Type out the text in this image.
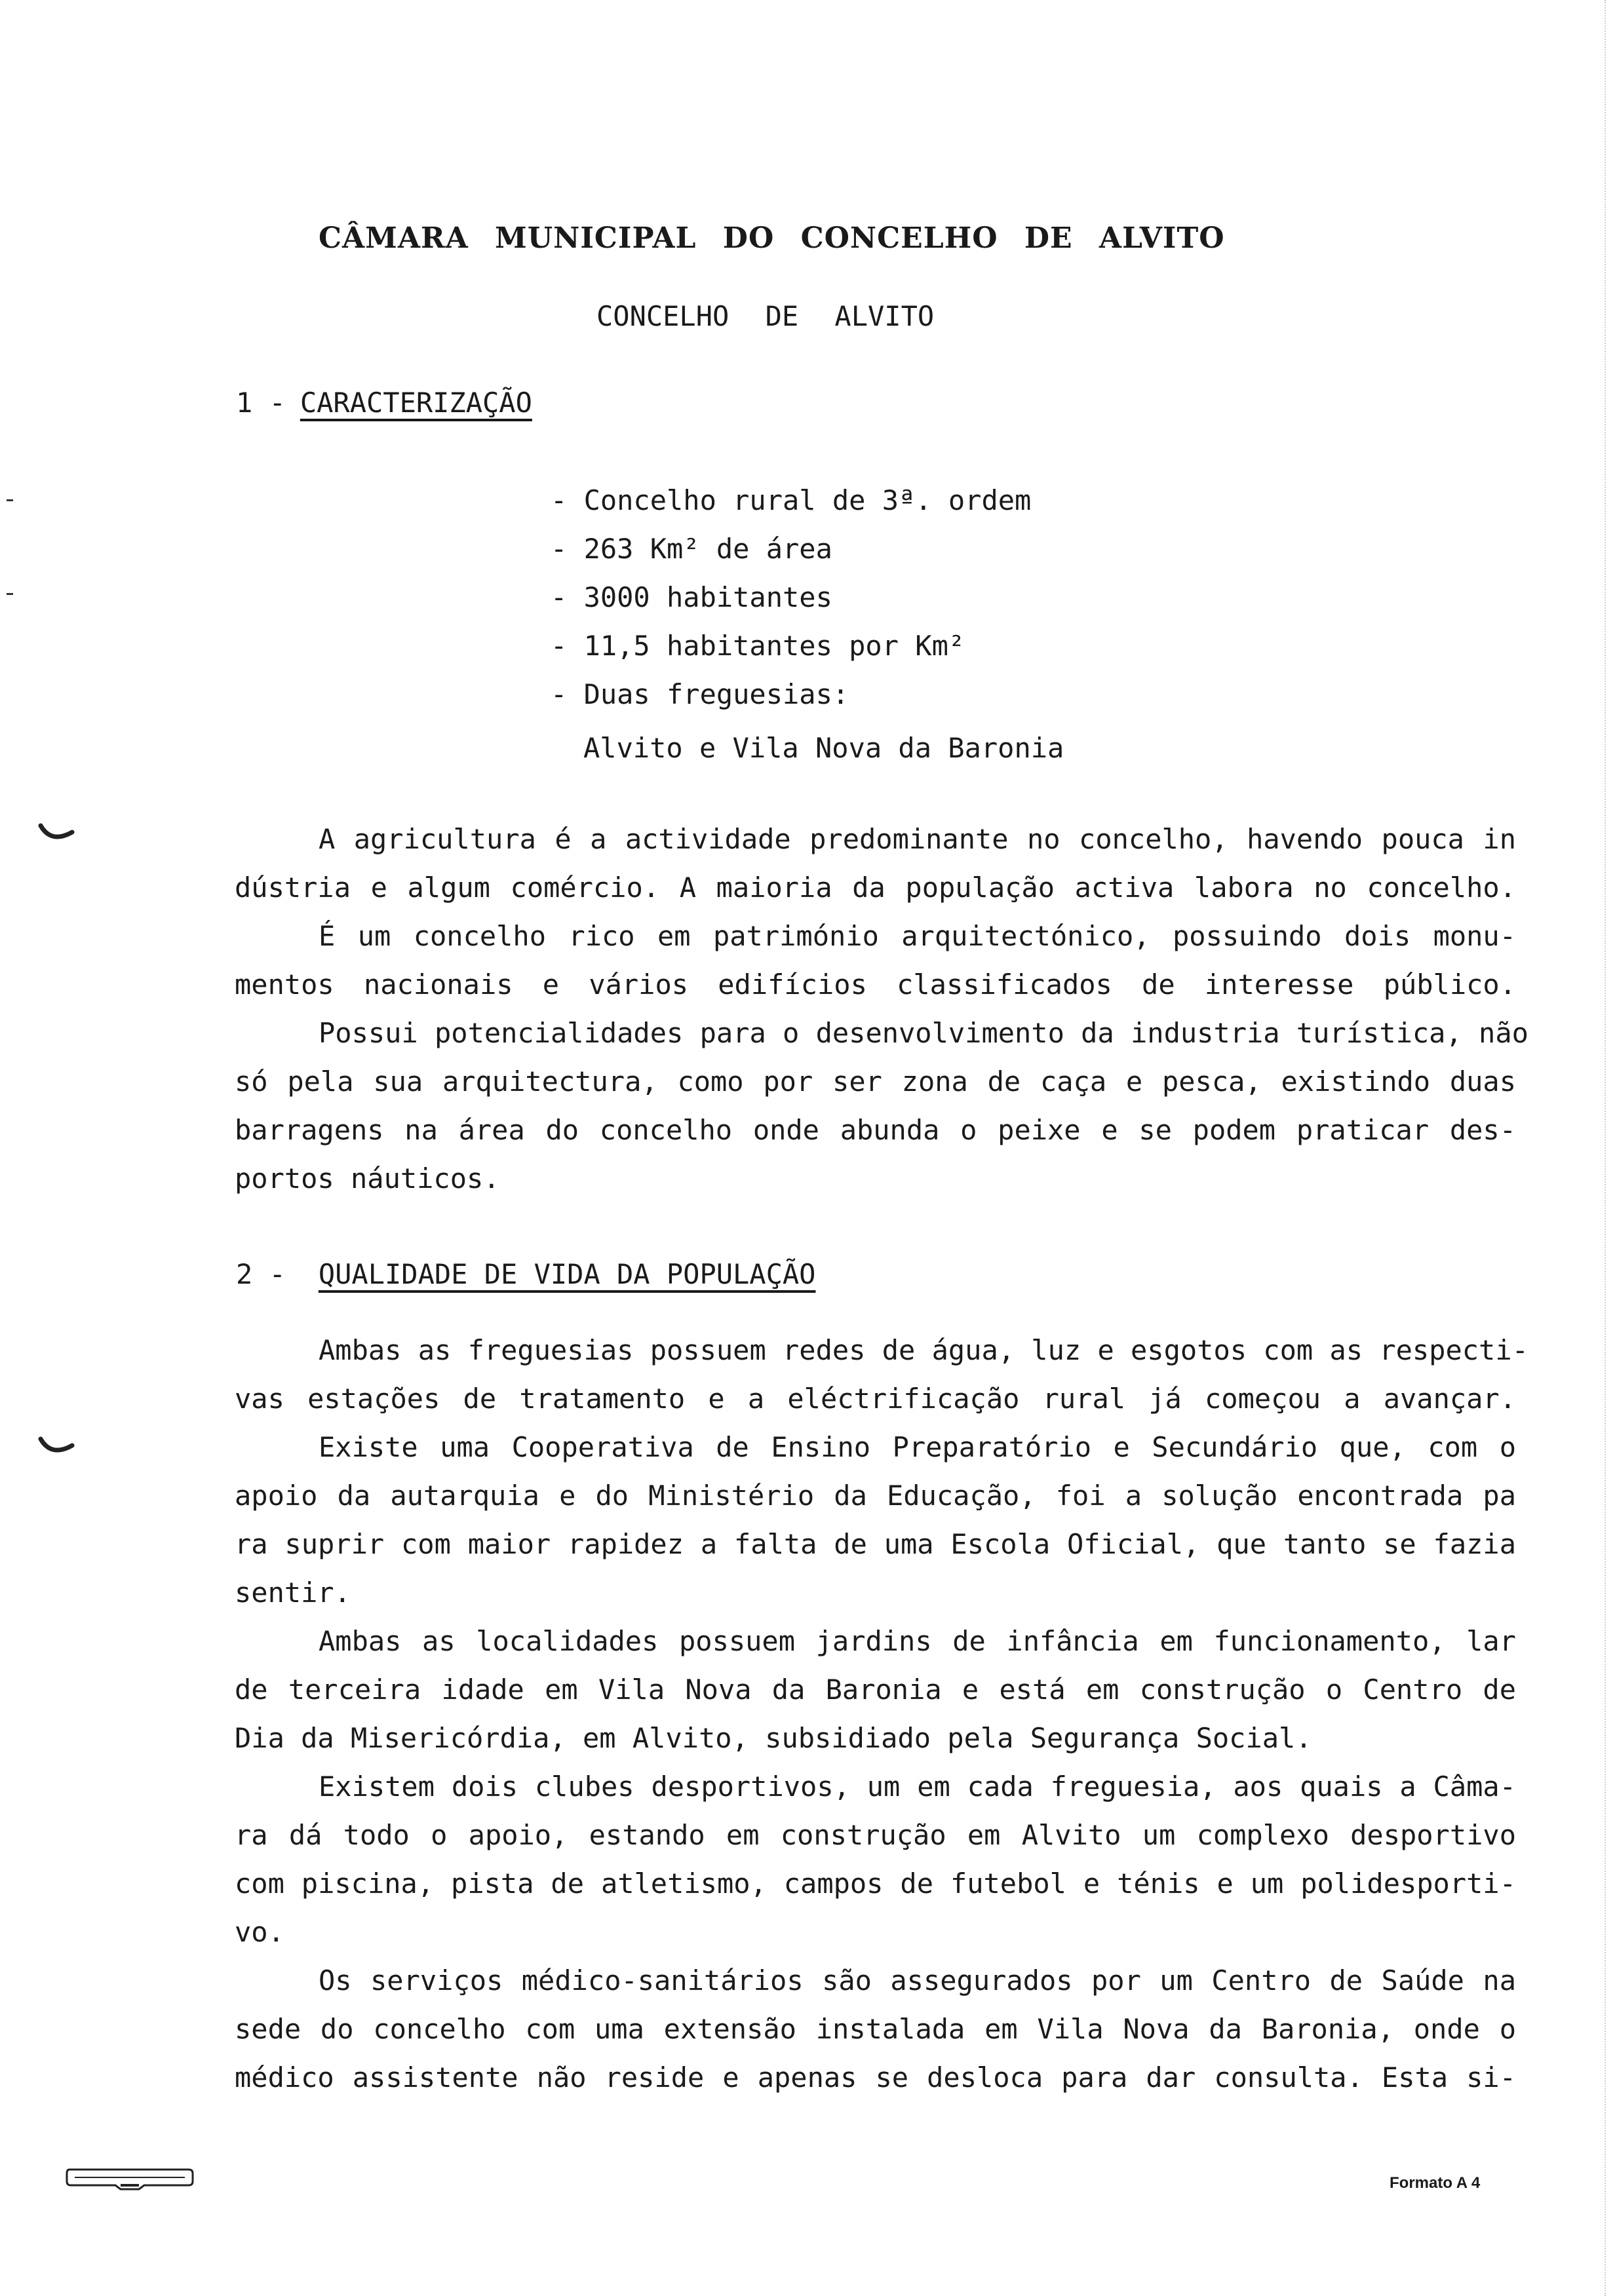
CÂMARA MUNICIPAL DO CONCELHO DE ALVITO
CONCELHO DE ALVITO
1 - CARACTERIZAÇÃO
- Concelho rural de 3ª. ordem
- 263 Km² de área
- 3000 habitantes
- 11,5 habitantes por Km²
- Duas freguesias:
Alvito e Vila Nova da Baronia
A agricultura é a actividade predominante no concelho, havendo pouca in
dústria e algum comércio. A maioria da população activa labora no concelho.
É um concelho rico em património arquitectónico, possuindo dois monu-
mentos nacionais e vários edifícios classificados de interesse público.
Possui potencialidades para o desenvolvimento da industria turística, não
só pela sua arquitectura, como por ser zona de caça e pesca, existindo duas
barragens na área do concelho onde abunda o peixe e se podem praticar des-
portos náuticos.
2 - QUALIDADE DE VIDA DA POPULAÇÃO
Ambas as freguesias possuem redes de água, luz e esgotos com as respecti-
vas estações de tratamento e a eléctrificação rural já começou a avançar.
Existe uma Cooperativa de Ensino Preparatório e Secundário que, com o
apoio da autarquia e do Ministério da Educação, foi a solução encontrada pa
ra suprir com maior rapidez a falta de uma Escola Oficial, que tanto se fazia
sentir.
Ambas as localidades possuem jardins de infância em funcionamento, lar
de terceira idade em Vila Nova da Baronia e está em construção o Centro de
Dia da Misericórdia, em Alvito, subsidiado pela Segurança Social.
Existem dois clubes desportivos, um em cada freguesia, aos quais a Câma-
ra dá todo o apoio, estando em construção em Alvito um complexo desportivo
com piscina, pista de atletismo, campos de futebol e ténis e um polidesporti-
vo.
Os serviços médico-sanitários são assegurados por um Centro de Saúde na
sede do concelho com uma extensão instalada em Vila Nova da Baronia, onde o
médico assistente não reside e apenas se desloca para dar consulta. Esta si-
Formato A 4
